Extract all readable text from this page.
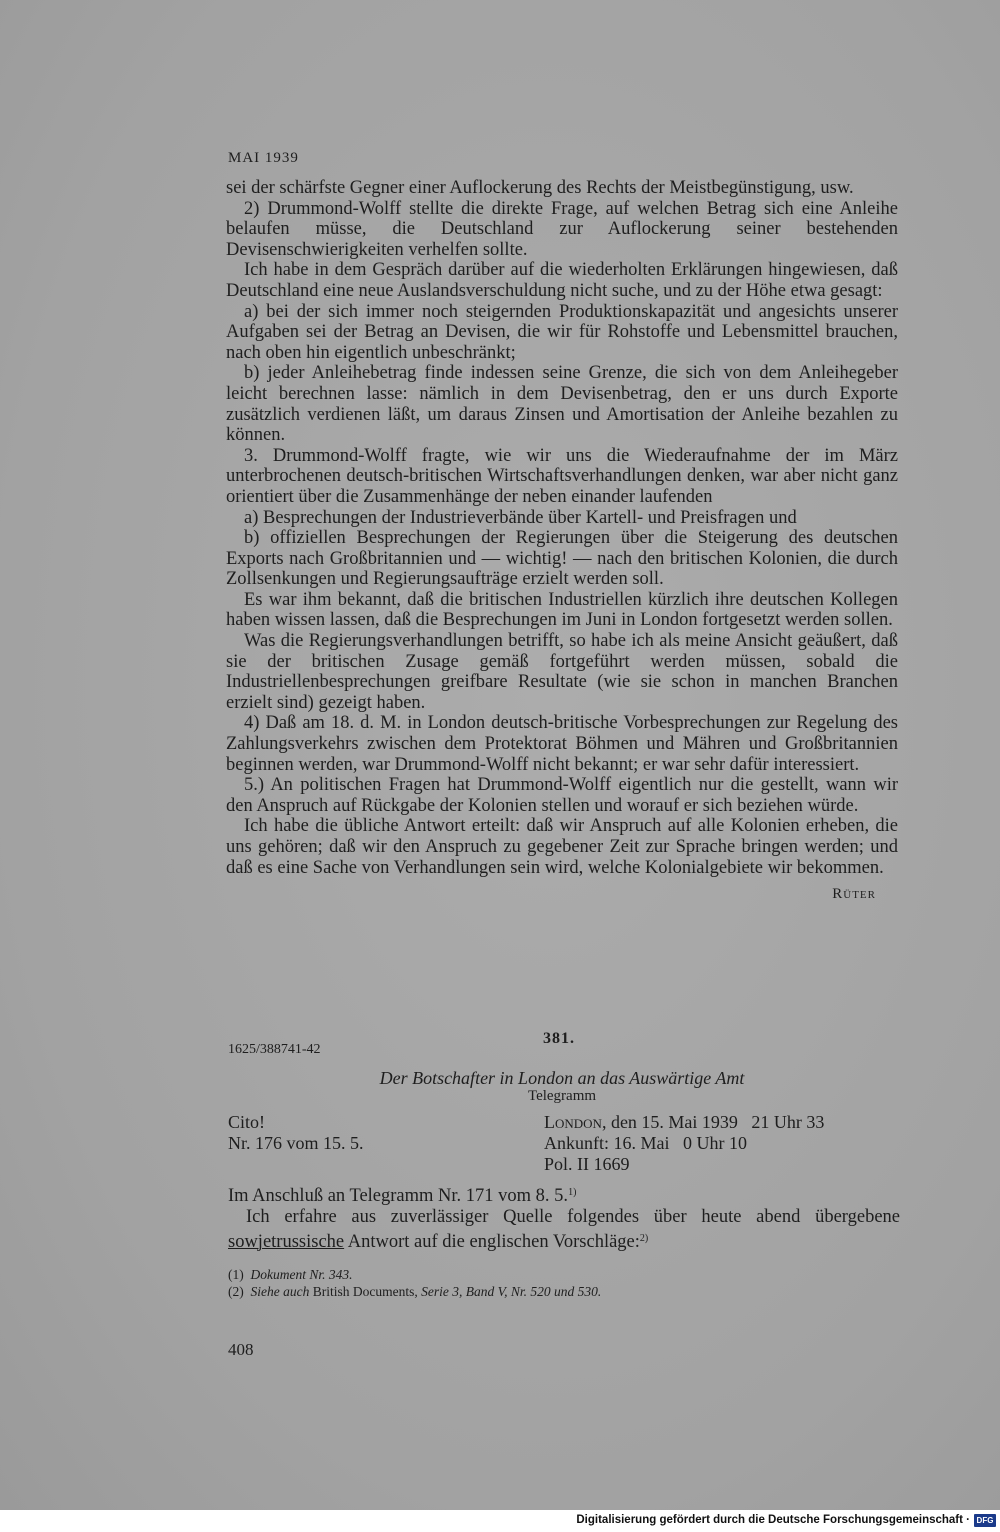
MAI 1939

sei der schärfste Gegner einer Auflockerung des Rechts der Meistbegünstigung, usw.

2) Drummond-Wolff stellte die direkte Frage, auf welchen Betrag sich eine Anleihe belaufen müsse, die Deutschland zur Auflockerung seiner bestehenden Devisenschwierigkeiten verhelfen sollte.

Ich habe in dem Gespräch darüber auf die wiederholten Erklärungen hingewiesen, daß Deutschland eine neue Auslandsverschuldung nicht suche, und zu der Höhe etwa gesagt:

a) bei der sich immer noch steigernden Produktionskapazität und angesichts unserer Aufgaben sei der Betrag an Devisen, die wir für Rohstoffe und Lebensmittel brauchen, nach oben hin eigentlich unbeschränkt;

b) jeder Anleihebetrag finde indessen seine Grenze, die sich von dem Anleihegeber leicht berechnen lasse: nämlich in dem Devisenbetrag, den er uns durch Exporte zusätzlich verdienen läßt, um daraus Zinsen und Amortisation der Anleihe bezahlen zu können.

3. Drummond-Wolff fragte, wie wir uns die Wiederaufnahme der im März unterbrochenen deutsch-britischen Wirtschaftsverhandlungen denken, war aber nicht ganz orientiert über die Zusammenhänge der neben einander laufenden

a) Besprechungen der Industrieverbände über Kartell- und Preisfragen und

b) offiziellen Besprechungen der Regierungen über die Steigerung des deutschen Exports nach Großbritannien und — wichtig! — nach den britischen Kolonien, die durch Zollsenkungen und Regierungsaufträge erzielt werden soll.

Es war ihm bekannt, daß die britischen Industriellen kürzlich ihre deutschen Kollegen haben wissen lassen, daß die Besprechungen im Juni in London fortgesetzt werden sollen.

Was die Regierungsverhandlungen betrifft, so habe ich als meine Ansicht geäußert, daß sie der britischen Zusage gemäß fortgeführt werden müssen, sobald die Industriellenbesprechungen greifbare Resultate (wie sie schon in manchen Branchen erzielt sind) gezeigt haben.

4) Daß am 18. d. M. in London deutsch-britische Vorbesprechungen zur Regelung des Zahlungsverkehrs zwischen dem Protektorat Böhmen und Mähren und Großbritannien beginnen werden, war Drummond-Wolff nicht bekannt; er war sehr dafür interessiert.

5.) An politischen Fragen hat Drummond-Wolff eigentlich nur die gestellt, wann wir den Anspruch auf Rückgabe der Kolonien stellen und worauf er sich beziehen würde.

Ich habe die übliche Antwort erteilt: daß wir Anspruch auf alle Kolonien erheben, die uns gehören; daß wir den Anspruch zu gegebener Zeit zur Sprache bringen werden; und daß es eine Sache von Verhandlungen sein wird, welche Kolonialgebiete wir bekommen.

Rüter
1625/388741-42
381.
Der Botschafter in London an das Auswärtige Amt
Telegramm
Cito!
Nr. 176 vom 15. 5.
London, den 15. Mai 1939   21 Uhr 33
Ankunft: 16. Mai   0 Uhr 10
Pol. II 1669

Im Anschluß an Telegramm Nr. 171 vom 8. 5.$^{1)}$

Ich erfahre aus zuverlässiger Quelle folgendes über heute abend übergebene sowjetrussische Antwort auf die englischen Vorschläge:$^{2)}$

(1) Dokument Nr. 343.
(2) Siehe auch British Documents, Serie 3, Band V, Nr. 520 und 530.
408
Digitalisierung gefördert durch die Deutsche Forschungsgemeinschaft · DFG
